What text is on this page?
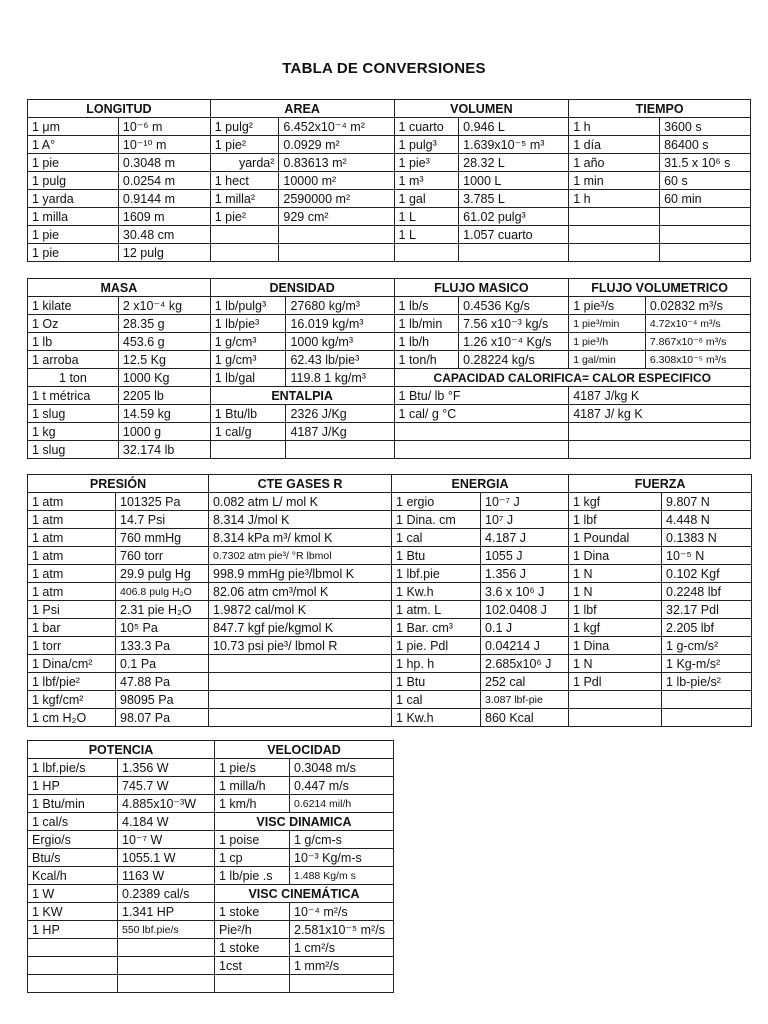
TABLA DE CONVERSIONES
LONGITUD		AREA		VOLUMEN		TIEMPO	
1 μm	10⁻⁶ m	1 pulg²	6.452x10⁻⁴ m²	1 cuarto	0.946 L	1 h	3600 s
1 A°	10⁻¹⁰ m	1 pie²	0.0929 m²	1 pulg³	1.639x10⁻⁵ m³	1 día	86400 s
1 pie	0.3048 m	yarda²	0.83613 m²	1 pie³	28.32 L	1 año	31.5 x 10⁶ s
1 pulg	0.0254 m	1 hect	10000 m²	1 m³	1000 L	1 min	60 s
1 yarda	0.9144 m	1 milla²	2590000 m²	1 gal	3.785 L	1 h	60 min
1 milla	1609 m	1 pie²	929 cm²	1 L	61.02 pulg³		
1 pie	30.48 cm			1 L	1.057 cuarto		
1 pie	12 pulg						
MASA		DENSIDAD		FLUJO MASICO		FLUJO VOLUMETRICO	
1 kilate	2 x10⁻⁴ kg	1 lb/pulg³	27680 kg/m³	1 lb/s	0.4536 Kg/s	1 pie³/s	0.02832 m³/s
1 Oz	28.35 g	1 lb/pie³	16.019 kg/m³	1 lb/min	7.56 x10⁻³ kg/s	1 pie³/min	4.72x10⁻⁴ m³/s
1 lb	453.6 g	1 g/cm³	1000 kg/m³	1 lb/h	1.26 x10⁻⁴ Kg/s	1 pie³/h	7.867x10⁻⁶ m³/s
1 arroba	12.5 Kg	1 g/cm³	62.43 lb/pie³	1 ton/h	0.28224 kg/s	1 gal/min	6.308x10⁻⁵ m³/s
1 ton	1000 Kg	1 lb/gal	119.8 1 kg/m³	CAPACIDAD CALORIFICA= CALOR ESPECIFICO			
1 t métrica	2205 lb	ENTALPIA		1 Btu/ lb °F		4187 J/kg K	
1 slug	14.59 kg	1 Btu/lb	2326 J/Kg	1 cal/ g °C		4187 J/ kg K	
1 kg	1000 g	1 cal/g	4187 J/Kg				
1 slug	32.174 lb						
PRESIÓN		CTE GASES R	ENERGIA		FUERZA	
1 atm	101325 Pa	0.082 atm L/ mol K	1 ergio	10⁻⁷ J	1 kgf	9.807 N
1 atm	14.7 Psi	8.314 J/mol K	1 Dina. cm	10⁷ J	1 lbf	4.448 N
1 atm	760 mmHg	8.314 kPa m³/ kmol K	1 cal	4.187 J	1 Poundal	0.1383 N
1 atm	760 torr	0.7302 atm pie³/ °R lbmol	1 Btu	1055 J	1 Dina	10⁻⁵ N
1 atm	29.9 pulg Hg	998.9 mmHg pie³/lbmol K	1 lbf.pie	1.356 J	1 N	0.102 Kgf
1 atm	406.8 pulg H₂O	82.06 atm cm³/mol K	1 Kw.h	3.6 x 10⁶ J	1 N	0.2248 lbf
1 Psi	2.31 pie H₂O	1.9872 cal/mol K	1 atm. L	102.0408 J	1 lbf	32.17 Pdl
1 bar	10⁵ Pa	847.7 kgf pie/kgmol K	1 Bar. cm³	0.1 J	1 kgf	2.205 lbf
1 torr	133.3 Pa	10.73 psi pie³/ lbmol R	1 pie. Pdl	0.04214 J	1 Dina	1 g-cm/s²
1 Dina/cm²	0.1 Pa		1 hp. h	2.685x10⁶ J	1 N	1 Kg-m/s²
1 lbf/pie²	47.88 Pa		1 Btu	252 cal	1 Pdl	1 lb-pie/s²
1 kgf/cm²	98095 Pa		1 cal	3.087 lbf-pie		
1 cm H₂O	98.07 Pa		1 Kw.h	860 Kcal		
POTENCIA		VELOCIDAD	
1 lbf.pie/s	1.356 W	1 pie/s	0.3048 m/s
1 HP	745.7 W	1 milla/h	0.447 m/s
1 Btu/min	4.885x10⁻³W	1 km/h	0.6214 mil/h
1 cal/s	4.184 W	VISC DINAMICA	
Ergio/s	10⁻⁷ W	1 poise	1 g/cm-s
Btu/s	1055.1 W	1 cp	10⁻³ Kg/m-s
Kcal/h	1163 W	1 lb/pie .s	1.488 Kg/m s
1 W	0.2389 cal/s	VISC CINEMÁTICA	
1 KW	1.341 HP	1 stoke	10⁻⁴ m²/s
1 HP	550 lbf.pie/s	Pie²/h	2.581x10⁻⁵ m²/s
		1 stoke	1 cm²/s
		1cst	1 mm²/s
